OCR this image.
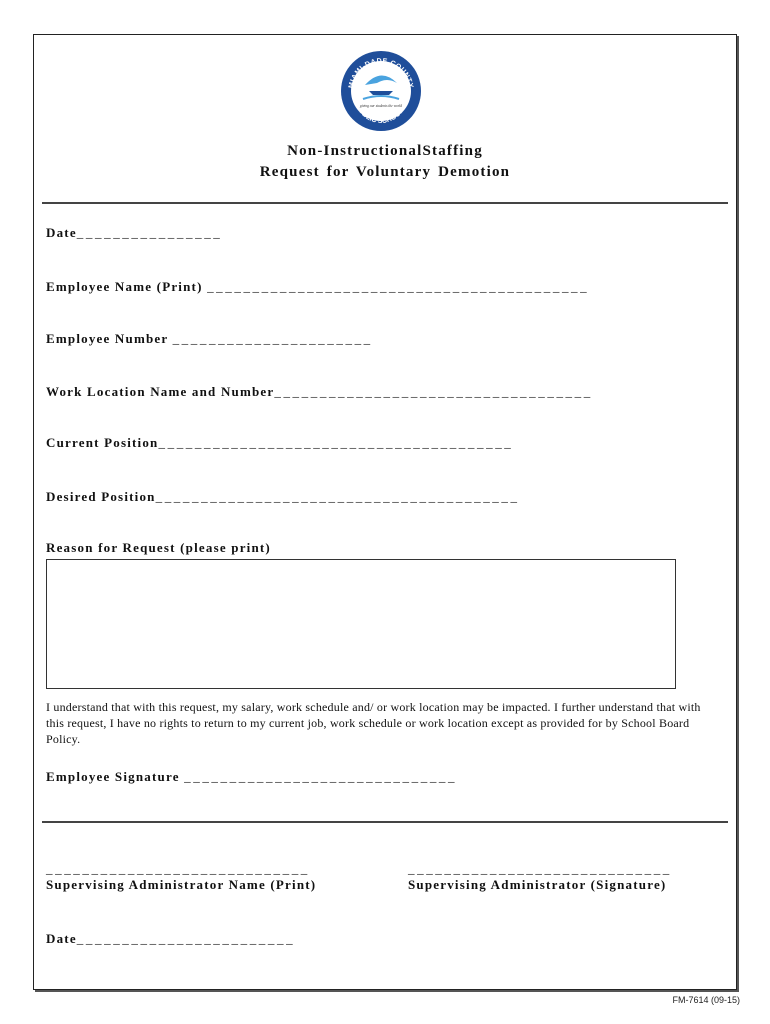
MIAMI-DADE COUNTY
PUBLIC SCHOOLS
giving our students the world
Non-InstructionalStaffing
Request for Voluntary Demotion
Date________________
Employee Name (Print) __________________________________________
Employee Number ______________________
Work Location Name and Number___________________________________
Current Position_______________________________________
Desired Position________________________________________
Reason for Request (please print)
I understand that with this request, my salary, work schedule and/ or work location may be impacted. I further understand that with this request, I have no rights to return to my current job, work schedule or work location except as provided for by School Board Policy.
Employee Signature ______________________________
_____________________________
Supervising Administrator Name (Print)
_____________________________
Supervising Administrator (Signature)
Date________________________
FM-7614 (09-15)
